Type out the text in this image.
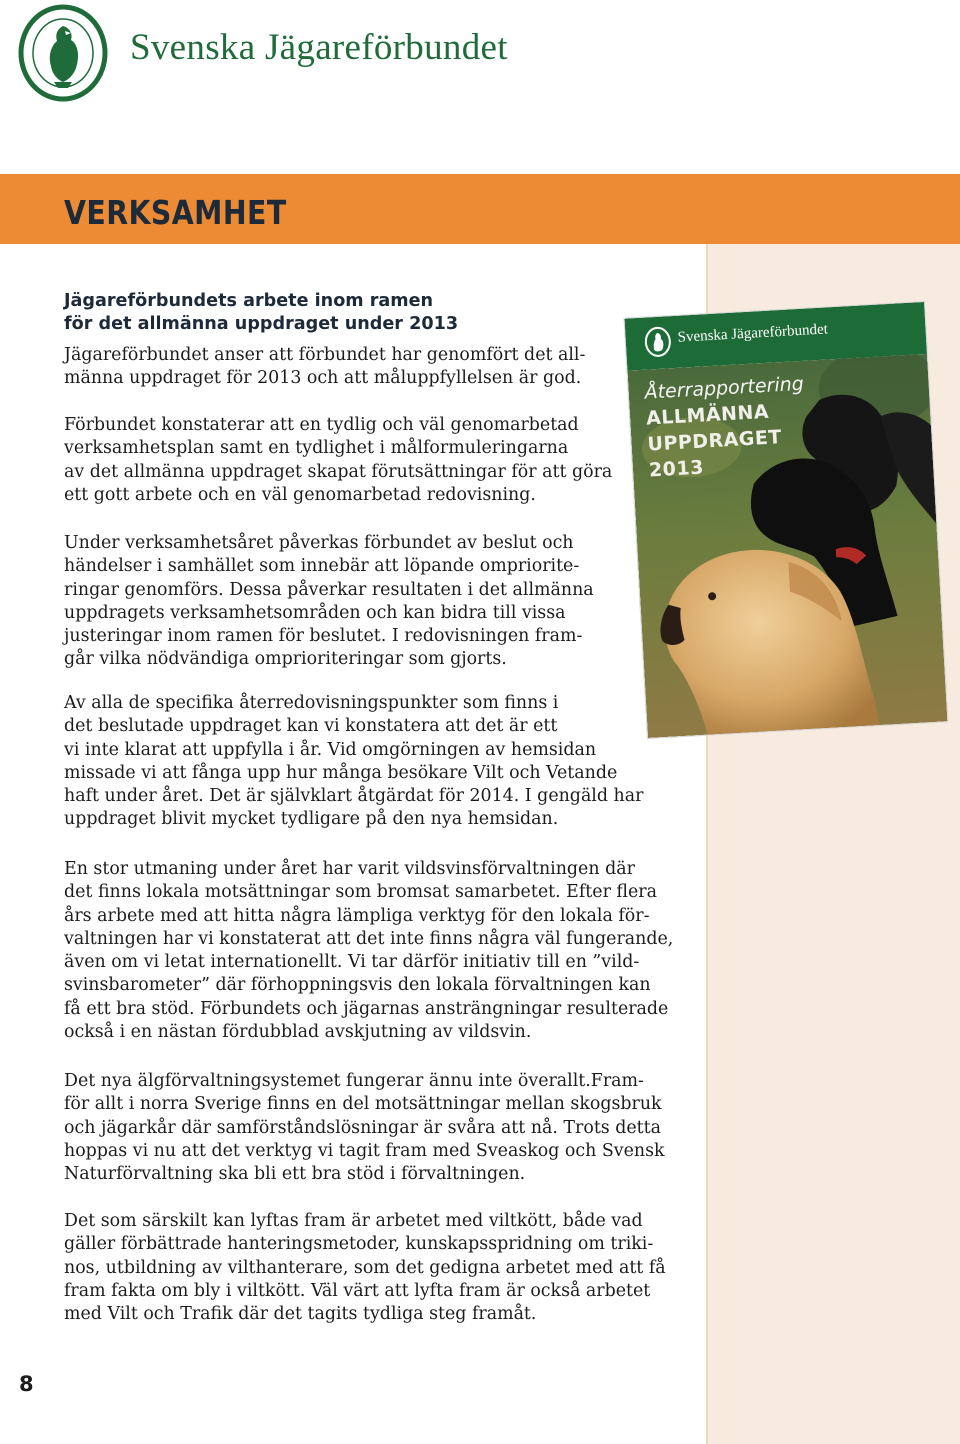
Svenska Jägareförbundet
VERKSAMHET
Svenska Jägareförbundet
Återrapportering
ALLMÄNNA
UPPDRAGET
2013

Jägareförbundets arbete inom ramen
för det allmänna uppdraget under 2013

Jägareförbundet anser att förbundet har genomfört det all-
männa uppdraget för 2013 och att måluppfyllelsen är god.

Förbundet konstaterar att en tydlig och väl genomarbetad
verksamhetsplan samt en tydlighet i målformuleringarna
av det allmänna uppdraget skapat förutsättningar för att göra
ett gott arbete och en väl genomarbetad redovisning.

Under verksamhetsåret påverkas förbundet av beslut och
händelser i samhället som innebär att löpande omprioritе-
ringar genomförs. Dessa påverkar resultaten i det allmänna
uppdragets verksamhetsområden och kan bidra till vissa
justeringar inom ramen för beslutet. I redovisningen fram-
går vilka nödvändiga omprioriteringar som gjorts.

Av alla de specifika återredovisningspunkter som finns i
det beslutade uppdraget kan vi konstatera att det är ett
vi inte klarat att uppfylla i år. Vid omgörningen av hemsidan
missade vi att fånga upp hur många besökare Vilt och Vetande
haft under året. Det är självklart åtgärdat för 2014. I gengäld har
uppdraget blivit mycket tydligare på den nya hemsidan.

En stor utmaning under året har varit vildsvinsförvaltningen där
det finns lokala motsättningar som bromsat samarbetet. Efter flera
års arbete med att hitta några lämpliga verktyg för den lokala för-
valtningen har vi konstaterat att det inte finns några väl fungerande,
även om vi letat internationellt. Vi tar därför initiativ till en ”vild-
svinsbarometer” där förhoppningsvis den lokala förvaltningen kan
få ett bra stöd. Förbundets och jägarnas ansträngningar resulterade
också i en nästan fördubblad avskjutning av vildsvin.

Det nya älgförvaltningsystemet fungerar ännu inte överallt.Fram-
för allt i norra Sverige finns en del motsättningar mellan skogsbruk
och jägarkår där samförståndslösningar är svåra att nå. Trots detta
hoppas vi nu att det verktyg vi tagit fram med Sveaskog och Svensk
Naturförvaltning ska bli ett bra stöd i förvaltningen.

Det som särskilt kan lyftas fram är arbetet med viltkött, både vad
gäller förbättrade hanteringsmetoder, kunskapsspridning om triki-
nos, utbildning av vilthanterare, som det gedigna arbetet med att få
fram fakta om bly i viltkött. Väl värt att lyfta fram är också arbetet
med Vilt och Trafik där det tagits tydliga steg framåt.

8
